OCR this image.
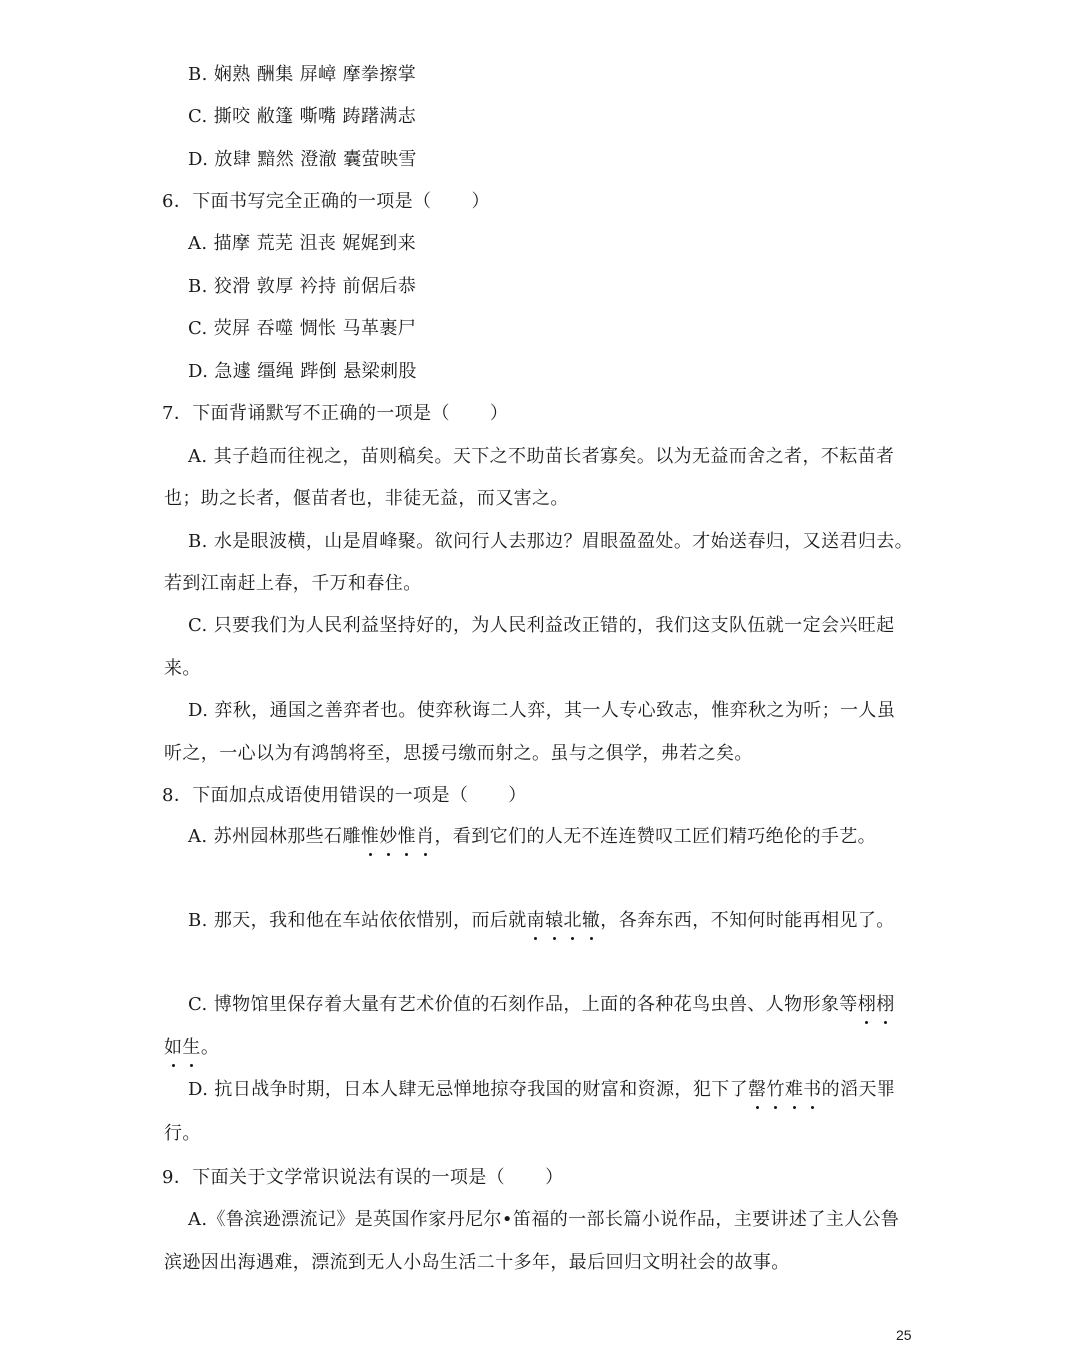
B. 娴熟 酬集 屏嶂 摩拳擦掌
C. 撕咬 敝篷 嘶嘴 踌躇满志
D. 放肆 黯然 澄澈 囊萤映雪
6．下面书写完全正确的一项是（ ）
A. 描摩 荒芜 沮丧 娓娓到来
B. 狡滑 敦厚 衿持 前倨后恭
C. 荧屏 吞噬 惆怅 马革裹尸
D. 急遽 缰绳 跸倒 悬梁刺股
7．下面背诵默写不正确的一项是（ ）
A. 其子趋而往视之，苗则稿矣。天下之不助苗长者寡矣。以为无益而舍之者，不耘苗者
也；助之长者，偃苗者也，非徒无益，而又害之。
B. 水是眼波横，山是眉峰聚。欲问行人去那边？眉眼盈盈处。才始送春归，又送君归去。
若到江南赶上春，千万和春住。
C. 只要我们为人民利益坚持好的，为人民利益改正错的，我们这支队伍就一定会兴旺起
来。
D. 弈秋，通国之善弈者也。使弈秋诲二人弈，其一人专心致志，惟弈秋之为听；一人虽
听之，一心以为有鸿鹄将至，思援弓缴而射之。虽与之俱学，弗若之矣。
8．下面加点成语使用错误的一项是（ ）
A. 苏州园林那些石雕惟妙惟肖，看到它们的人无不连连赞叹工匠们精巧绝伦的手艺。
B. 那天，我和他在车站依依惜别，而后就南辕北辙，各奔东西，不知何时能再相见了。
C. 博物馆里保存着大量有艺术价值的石刻作品，上面的各种花鸟虫兽、人物形象等栩栩
如生。
D. 抗日战争时期，日本人肆无忌惮地掠夺我国的财富和资源，犯下了罄竹难书的滔天罪
行。
9．下面关于文学常识说法有误的一项是（ ）
A.《鲁滨逊漂流记》是英国作家丹尼尔•笛福的一部长篇小说作品，主要讲述了主人公鲁
滨逊因出海遇难，漂流到无人小岛生活二十多年，最后回归文明社会的故事。
25
